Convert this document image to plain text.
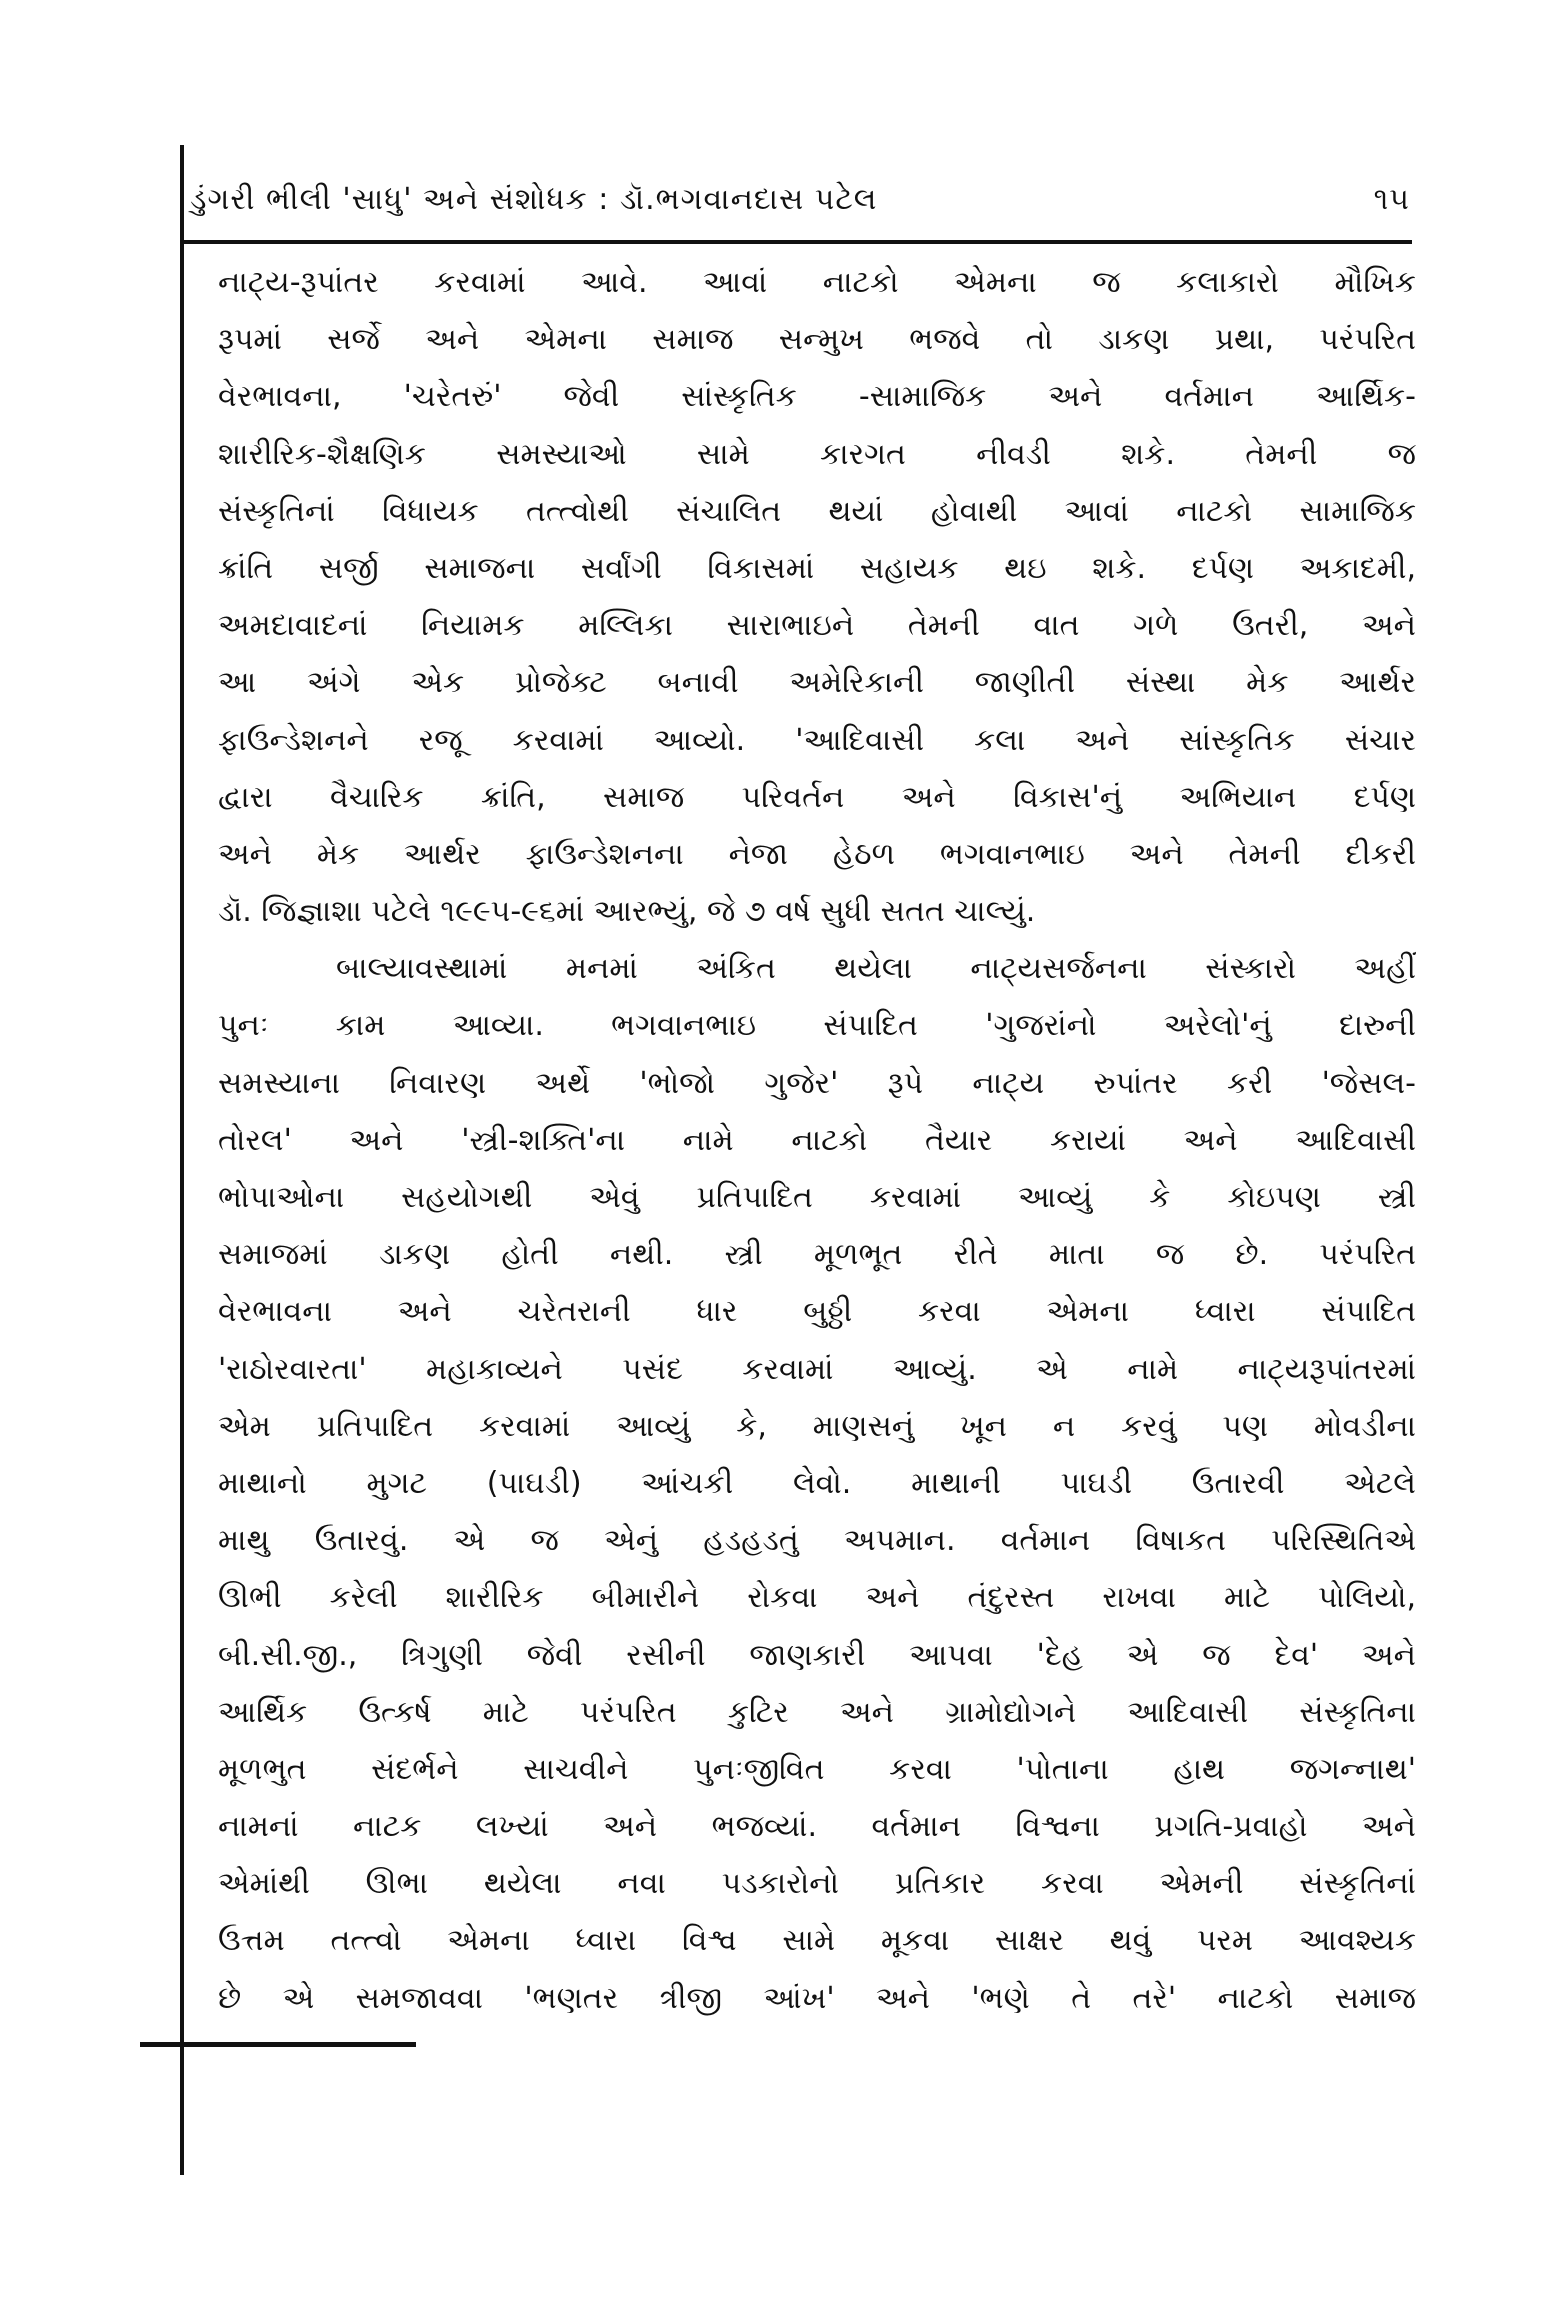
ડુંગરી ભીલી 'સાધુ' અને સંશોધક : ડૉ.ભગવાનદાસ પટેલ	૧૫
નાટ્ય-રૂપાંતર કરવામાં આવે. આવાં નાટકો એમના જ કલાકારો મૌખિક
રૂપમાં સર્જે અને એમના સમાજ સન્મુખ ભજવે તો ડાકણ પ્રથા, પરંપરિત
વેરભાવના, 'ચરેતરું' જેવી સાંસ્કૃતિક -સામાજિક અને વર્તમાન આર્થિક-
શારીરિક-શૈક્ષણિક સમસ્યાઓ સામે કારગત નીવડી શકે. તેમની જ
સંસ્કૃતિનાં વિધાયક તત્ત્વોથી સંચાલિત થયાં હોવાથી આવાં નાટકો સામાજિક
ક્રાંતિ સર્જી સમાજના સર્વાંગી વિકાસમાં સહાયક થઇ શકે. દર્પણ અકાદમી,
અમદાવાદનાં નિયામક મલ્લિકા સારાભાઇને તેમની વાત ગળે ઉતરી, અને
આ અંગે એક પ્રોજેક્ટ બનાવી અમેરિકાની જાણીતી સંસ્થા મેક આર્થર
ફાઉન્ડેશનને રજૂ કરવામાં આવ્યો. 'આદિવાસી કલા અને સાંસ્કૃતિક સંચાર
દ્વારા વૈચારિક ક્રાંતિ, સમાજ પરિવર્તન અને વિકાસ'નું અભિયાન દર્પણ
અને મેક આર્થર ફાઉન્ડેશનના નેજા હેઠળ ભગવાનભાઇ અને તેમની દીકરી
ડૉ. જિજ્ઞાશા પટેલે ૧૯૯૫-૯૬માં આરભ્યું, જે ૭ વર્ષ સુધી સતત ચાલ્યું.
બાલ્યાવસ્થામાં મનમાં અંકિત થયેલા નાટ્યસર્જનના સંસ્કારો અહીં
પુનઃ કામ આવ્યા. ભગવાનભાઇ સંપાદિત 'ગુજરાંનો અરેલો'નું દારુની
સમસ્યાના નિવારણ અર્થે 'ભોજો ગુજેર' રૂપે નાટ્ય રુપાંતર કરી 'જેસલ-
તોરલ' અને 'સ્ત્રી-શક્તિ'ના નામે નાટકો તૈયાર કરાયાં અને આદિવાસી
ભોપાઓના સહયોગથી એવું પ્રતિપાદિત કરવામાં આવ્યું કે કોઇપણ સ્ત્રી
સમાજમાં ડાકણ હોતી નથી. સ્ત્રી મૂળભૂત રીતે માતા જ છે. પરંપરિત
વેરભાવના અને ચરેતરાની ધાર બુઠ્ઠી કરવા એમના ધ્વારા સંપાદિત
'રાઠોરવારતા' મહાકાવ્યને પસંદ કરવામાં આવ્યું. એ નામે નાટ્યરૂપાંતરમાં
એમ પ્રતિપાદિત કરવામાં આવ્યું કે, માણસનું ખૂન ન કરવું પણ મોવડીના
માથાનો મુગટ (પાઘડી) આંચકી લેવો. માથાની પાઘડી ઉતારવી એટલે
માથુ ઉતારવું. એ જ એનું હડહડતું અપમાન. વર્તમાન વિષાકત પરિસ્થિતિએ
ઊભી કરેલી શારીરિક બીમારીને રોકવા અને તંદુરસ્ત રાખવા માટે પોલિયો,
બી.સી.જી., ત્રિગુણી જેવી રસીની જાણકારી આપવા 'દેહ એ જ દેવ' અને
આર્થિક ઉત્કર્ષ માટે પરંપરિત કુટિર અને ગ્રામોદ્યોગને આદિવાસી સંસ્કૃતિના
મૂળભુત સંદર્ભને સાચવીને પુનઃજીવિત કરવા 'પોતાના હાથ જગન્નાથ'
નામનાં નાટક લખ્યાં અને ભજવ્યાં. વર્તમાન વિશ્વના પ્રગતિ-પ્રવાહો અને
એમાંથી ઊભા થયેલા નવા પડકારોનો પ્રતિકાર કરવા એમની સંસ્કૃતિનાં
ઉત્તમ તત્ત્વો એમના ધ્વારા વિશ્વ સામે મૂકવા સાક્ષર થવું પરમ આવશ્યક
છે એ સમજાવવા 'ભણતર ત્રીજી આંખ' અને 'ભણે તે તરે' નાટકો સમાજ
